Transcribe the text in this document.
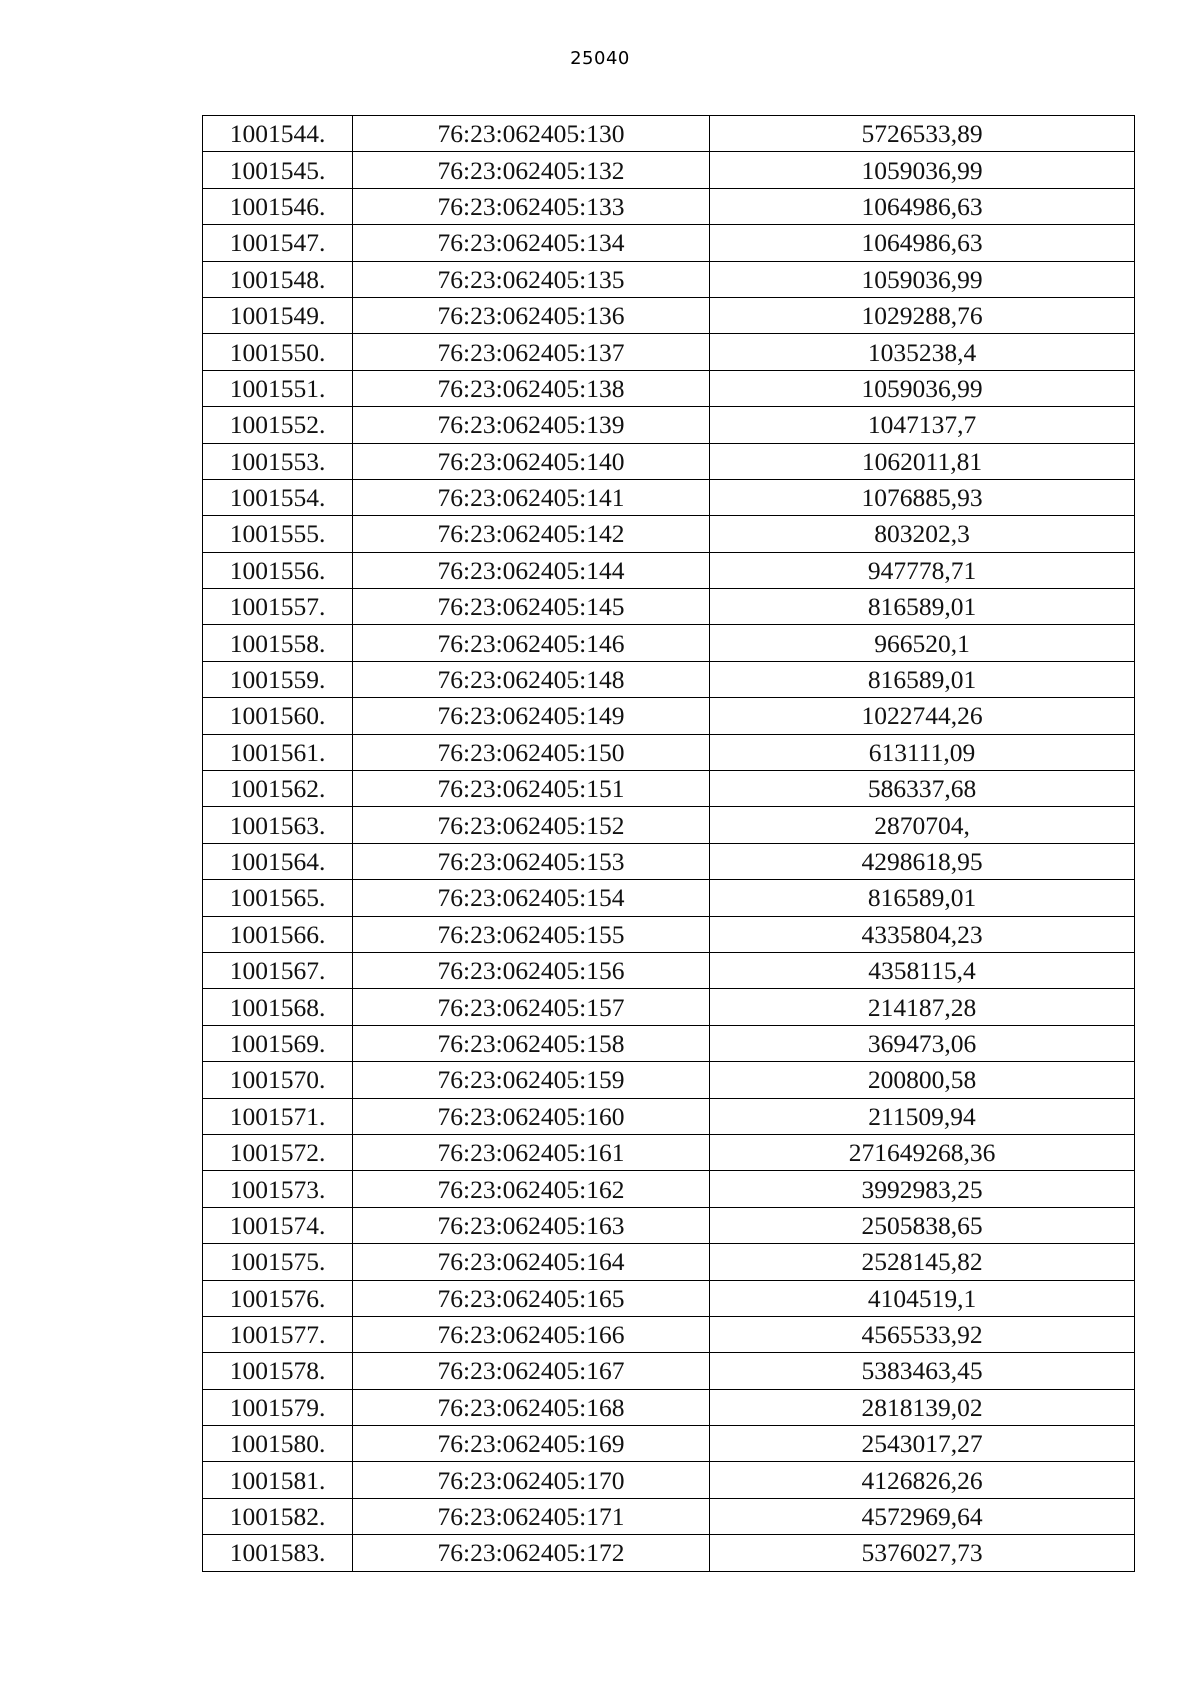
25040
1001544.	76:23:062405:130	5726533,89
1001545.	76:23:062405:132	1059036,99
1001546.	76:23:062405:133	1064986,63
1001547.	76:23:062405:134	1064986,63
1001548.	76:23:062405:135	1059036,99
1001549.	76:23:062405:136	1029288,76
1001550.	76:23:062405:137	1035238,4
1001551.	76:23:062405:138	1059036,99
1001552.	76:23:062405:139	1047137,7
1001553.	76:23:062405:140	1062011,81
1001554.	76:23:062405:141	1076885,93
1001555.	76:23:062405:142	803202,3
1001556.	76:23:062405:144	947778,71
1001557.	76:23:062405:145	816589,01
1001558.	76:23:062405:146	966520,1
1001559.	76:23:062405:148	816589,01
1001560.	76:23:062405:149	1022744,26
1001561.	76:23:062405:150	613111,09
1001562.	76:23:062405:151	586337,68
1001563.	76:23:062405:152	2870704,
1001564.	76:23:062405:153	4298618,95
1001565.	76:23:062405:154	816589,01
1001566.	76:23:062405:155	4335804,23
1001567.	76:23:062405:156	4358115,4
1001568.	76:23:062405:157	214187,28
1001569.	76:23:062405:158	369473,06
1001570.	76:23:062405:159	200800,58
1001571.	76:23:062405:160	211509,94
1001572.	76:23:062405:161	271649268,36
1001573.	76:23:062405:162	3992983,25
1001574.	76:23:062405:163	2505838,65
1001575.	76:23:062405:164	2528145,82
1001576.	76:23:062405:165	4104519,1
1001577.	76:23:062405:166	4565533,92
1001578.	76:23:062405:167	5383463,45
1001579.	76:23:062405:168	2818139,02
1001580.	76:23:062405:169	2543017,27
1001581.	76:23:062405:170	4126826,26
1001582.	76:23:062405:171	4572969,64
1001583.	76:23:062405:172	5376027,73
